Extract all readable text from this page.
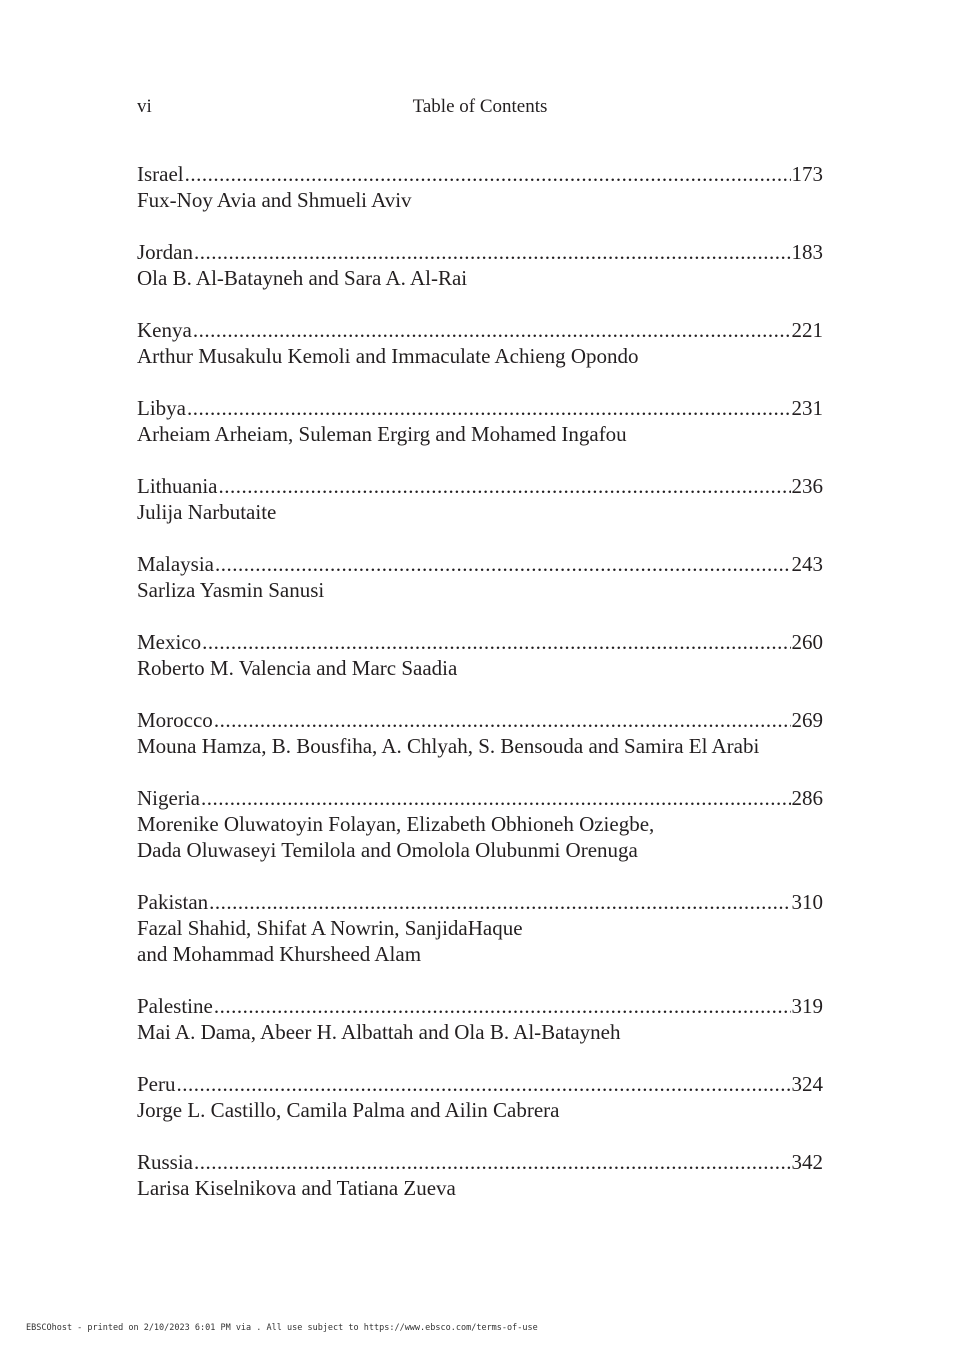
vi	Table of Contents
Israel .....	173
Fux-Noy Avia and Shmueli Aviv
Jordan .....	183
Ola B. Al-Batayneh and Sara A. Al-Rai
Kenya .....	221
Arthur Musakulu Kemoli and Immaculate Achieng Opondo
Libya .....	231
Arheiam Arheiam, Suleman Ergirg and Mohamed Ingafou
Lithuania .....	236
Julija Narbutaite
Malaysia .....	243
Sarliza Yasmin Sanusi
Mexico .....	260
Roberto M. Valencia and Marc Saadia
Morocco .....	269
Mouna Hamza, B. Bousfiha, A. Chlyah, S. Bensouda and Samira El Arabi
Nigeria .....	286
Morenike Oluwatoyin Folayan, Elizabeth Obhioneh Oziegbe,
Dada Oluwaseyi Temilola and Omolola Olubunmi Orenuga
Pakistan .....	310
Fazal Shahid, Shifat A Nowrin, SanjidaHaque
and Mohammad Khursheed Alam
Palestine .....	319
Mai A. Dama, Abeer H. Albattah and Ola B. Al-Batayneh
Peru .....	324
Jorge L. Castillo, Camila Palma and Ailin Cabrera
Russia .....	342
Larisa Kiselnikova and Tatiana Zueva
EBSCOhost - printed on 2/10/2023 6:01 PM via . All use subject to https://www.ebsco.com/terms-of-use
